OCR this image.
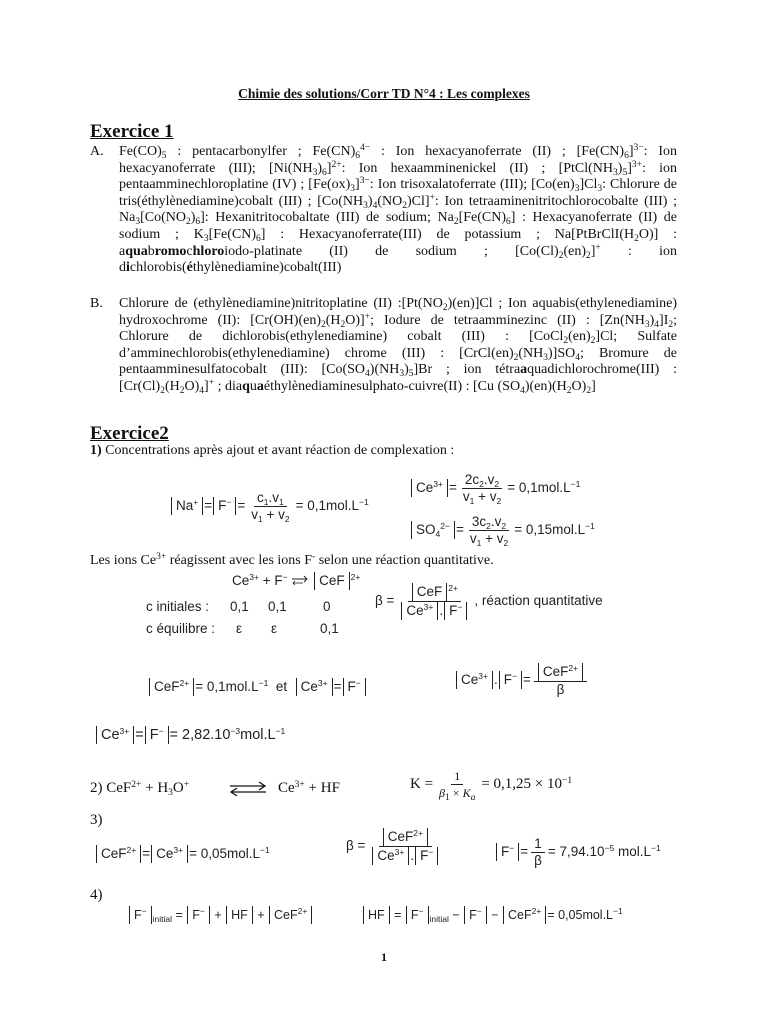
Chimie des solutions/Corr TD N°4 : Les complexes
Exercice 1
A.	$Fe(CO)_5$ : pentacarbonylfer ; $Fe(CN)_6^{4-}$ : Ion hexacyanoferrate (II) ; $[Fe(CN)_6]^{3-}$: Ion hexacyanoferrate (III); $[Ni(NH_3)_6]^{2+}$: Ion hexaamminenickel (II) ; $[PtCl(NH_3)_5]^{3+}$: ion pentaamminechloroplatine (IV) ; $[Fe(ox)_3]^{3-}$: Ion trisoxalatoferrate (III); $[Co(en)_3]Cl_3$: Chlorure de tris(éthylènediamine)cobalt (III) ; $[Co(NH_3)_4(NO_2)Cl]^+$: Ion tetraaminenitritochlorocobalte (III) ; $Na_3[Co(NO_2)_6]$: Hexanitritocobaltate (III) de sodium; $Na_2[Fe(CN)_6]$ : Hexacyanoferrate (II) de sodium ; $K_3[Fe(CN)_6]$ : Hexacyanoferrate(III) de potassium ; $Na[PtBrClI(H_2O)]$ : aquabromochloroiodo-platinate (II) de sodium ; $[Co(Cl)_2(en)_2]^+$ : ion dichlorobis(éthylènediamine)cobalt(III)
B.	Chlorure de (ethylènediamine)nitritoplatine (II) $:[Pt(NO_2)(en)]Cl$ ; Ion aquabis(ethylenediamine) hydroxochrome (II): $[Cr(OH)(en)_2(H_2O)]^+$; Iodure de tetraamminezinc (II) : $[Zn(NH_3)_4]I_2$; Chlorure de dichlorobis(ethylenediamine) cobalt (III) : $[CoCl_2(en)_2]Cl$; Sulfate d’amminechlorobis(ethylenediamine) chrome (III) : $[CrCl(en)_2(NH_3)]SO_4$; Bromure de pentaamminesulfatocobalt (III): $[Co(SO_4)(NH_3)_5]Br$ ; ion tétraaquadichlorochrome(III) : $[Cr(Cl)_2(H_2O)_4]^+$ ; diaquaéthylènediaminesulphato-cuivre(II) : [Cu $(SO_4)(en)(H_2O)_2$]
Exercice2
1) Concentrations après ajout et avant réaction de complexation :
$Na^+ = F^- = \frac{c_1.v_1}{v_1 + v_2} = 0,1mol.L^{-1}$
$Ce^{3+} = \frac{2c_2.v_2}{v_1 + v_2} = 0,1mol.L^{-1}$
$SO_4^{2-} = \frac{3c_2.v_2}{v_1 + v_2} = 0,15mol.L^{-1}$
Les ions $Ce^{3+}$ réagissent avec les ions F- selon une réaction quantitative.
$Ce^{3+} + F^-$ CeF $^{2+}$
c initiales : 0,1 0,1	0
c équilibre : ε ε	0,1
$\beta = \frac{CeF ^{2+}}{Ce^{3+} . F^-}$ , réaction quantitative
$CeF^{2+} = 0,1mol.L^{-1}$ et $Ce^{3+} = F^-$	$Ce^{3+}$ . $F^- = \frac{CeF^{2+}}{\beta}$
$Ce^{3+} = F^- = 2,82.10^{-3}mol.L^{-1}$
2) $CeF^{2+} + H_3O^+$ ⇌ $Ce^{3+}$ + HF	$K = \frac{1}{\beta_1 \times K_a} = 0,1,25 \times 10^{-1}$
3)
$CeF^{2+} = Ce^{3+} = 0,05mol.L^{-1}$	$\beta = \frac{CeF^{2+}}{Ce^{3+} . F^-}$	$F^- = \frac{1}{\beta} = 7,94.10^{-5}$ $mol.L^{-1}$
4)
$F^-_{initial} = F^-$ + HF + CeF$^{2+}$	HF = $F^-_{initial} - F^- - CeF^{2+} = 0,05mol.L^{-1}$
1
